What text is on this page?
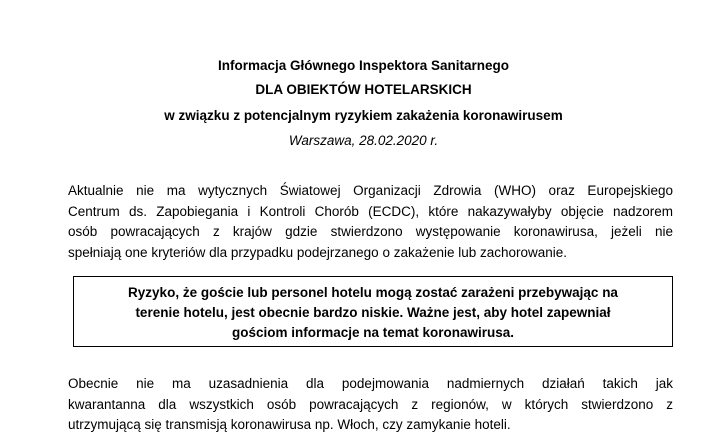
Informacja Głównego Inspektora Sanitarnego
DLA OBIEKTÓW HOTELARSKICH
w związku z potencjalnym ryzykiem zakażenia koronawirusem
Warszawa, 28.02.2020 r.
Aktualnie nie ma wytycznych Światowej Organizacji Zdrowia (WHO) oraz Europejskiego
Centrum ds. Zapobiegania i Kontroli Chorób (ECDC), które nakazywałyby objęcie nadzorem
osób powracających z krajów gdzie stwierdzono występowanie koronawirusa, jeżeli nie
spełniają one kryteriów dla przypadku podejrzanego o zakażenie lub zachorowanie.
Ryzyko, że goście lub personel hotelu mogą zostać zarażeni przebywając na
terenie hotelu, jest obecnie bardzo niskie. Ważne jest, aby hotel zapewniał
gościom informacje na temat koronawirusa.
Obecnie nie ma uzasadnienia dla podejmowania nadmiernych działań takich jak
kwarantanna dla wszystkich osób powracających z regionów, w których stwierdzono z
utrzymującą się transmisją koronawirusa np. Włoch, czy zamykanie hoteli.
